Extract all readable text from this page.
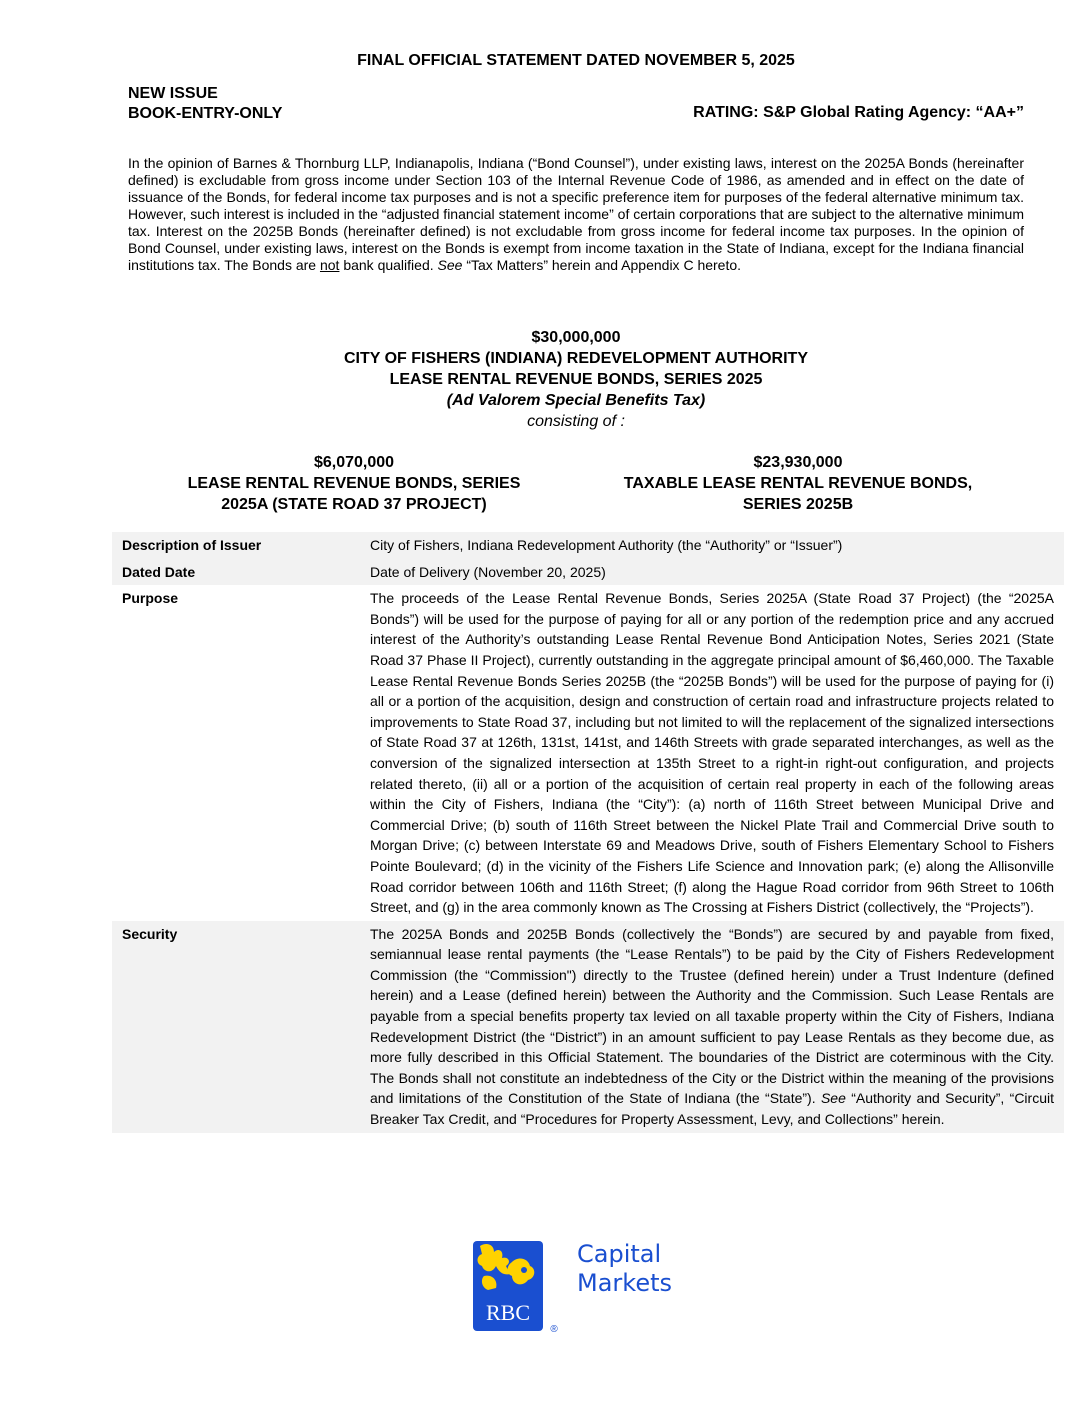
FINAL OFFICIAL STATEMENT DATED NOVEMBER 5, 2025
NEW ISSUE
BOOK-ENTRY-ONLY	RATING: S&P Global Rating Agency: “AA+”
In the opinion of Barnes & Thornburg LLP, Indianapolis, Indiana (“Bond Counsel”), under existing laws, interest on the 2025A Bonds (hereinafter defined) is excludable from gross income under Section 103 of the Internal Revenue Code of 1986, as amended and in effect on the date of issuance of the Bonds, for federal income tax purposes and is not a specific preference item for purposes of the federal alternative minimum tax. However, such interest is included in the “adjusted financial statement income” of certain corporations that are subject to the alternative minimum tax. Interest on the 2025B Bonds (hereinafter defined) is not excludable from gross income for federal income tax purposes. In the opinion of Bond Counsel, under existing laws, interest on the Bonds is exempt from income taxation in the State of Indiana, except for the Indiana financial institutions tax. The Bonds are not bank qualified. See “Tax Matters” herein and Appendix C hereto.
$30,000,000
CITY OF FISHERS (INDIANA) REDEVELOPMENT AUTHORITY
LEASE RENTAL REVENUE BONDS, SERIES 2025
(Ad Valorem Special Benefits Tax)
consisting of :
$6,070,000
LEASE RENTAL REVENUE BONDS, SERIES
2025A (STATE ROAD 37 PROJECT)
$23,930,000
TAXABLE LEASE RENTAL REVENUE BONDS,
SERIES 2025B
Description of Issuer	City of Fishers, Indiana Redevelopment Authority (the “Authority” or “Issuer”)
Dated Date	Date of Delivery (November 20, 2025)
Purpose	The proceeds of the Lease Rental Revenue Bonds, Series 2025A (State Road 37 Project) (the “2025A Bonds”) will be used for the purpose of paying for all or any portion of the redemption price and any accrued interest of the Authority’s outstanding Lease Rental Revenue Bond Anticipation Notes, Series 2021 (State Road 37 Phase II Project), currently outstanding in the aggregate principal amount of $6,460,000. The Taxable Lease Rental Revenue Bonds Series 2025B (the “2025B Bonds”) will be used for the purpose of paying for (i) all or a portion of the acquisition, design and construction of certain road and infrastructure projects related to improvements to State Road 37, including but not limited to will the replacement of the signalized intersections of State Road 37 at 126th, 131st, 141st, and 146th Streets with grade separated interchanges, as well as the conversion of the signalized intersection at 135th Street to a right-in right-out configuration, and projects related thereto, (ii) all or a portion of the acquisition of certain real property in each of the following areas within the City of Fishers, Indiana (the “City”): (a) north of 116th Street between Municipal Drive and Commercial Drive; (b) south of 116th Street between the Nickel Plate Trail and Commercial Drive south to Morgan Drive; (c) between Interstate 69 and Meadows Drive, south of Fishers Elementary School to Fishers Pointe Boulevard; (d) in the vicinity of the Fishers Life Science and Innovation park; (e) along the Allisonville Road corridor between 106th and 116th Street; (f) along the Hague Road corridor from 96th Street to 106th Street, and (g) in the area commonly known as The Crossing at Fishers District (collectively, the “Projects”).
Security	The 2025A Bonds and 2025B Bonds (collectively the “Bonds”) are secured by and payable from fixed, semiannual lease rental payments (the “Lease Rentals”) to be paid by the City of Fishers Redevelopment Commission (the “Commission") directly to the Trustee (defined herein) under a Trust Indenture (defined herein) and a Lease (defined herein) between the Authority and the Commission. Such Lease Rentals are payable from a special benefits property tax levied on all taxable property within the City of Fishers, Indiana Redevelopment District (the “District”) in an amount sufficient to pay Lease Rentals as they become due, as more fully described in this Official Statement. The boundaries of the District are coterminous with the City. The Bonds shall not constitute an indebtedness of the City or the District within the meaning of the provisions and limitations of the Constitution of the State of Indiana (the “State”). See “Authority and Security”, “Circuit Breaker Tax Credit, and “Procedures for Property Assessment, Levy, and Collections” herein.
RBC
®
Capital
Markets
